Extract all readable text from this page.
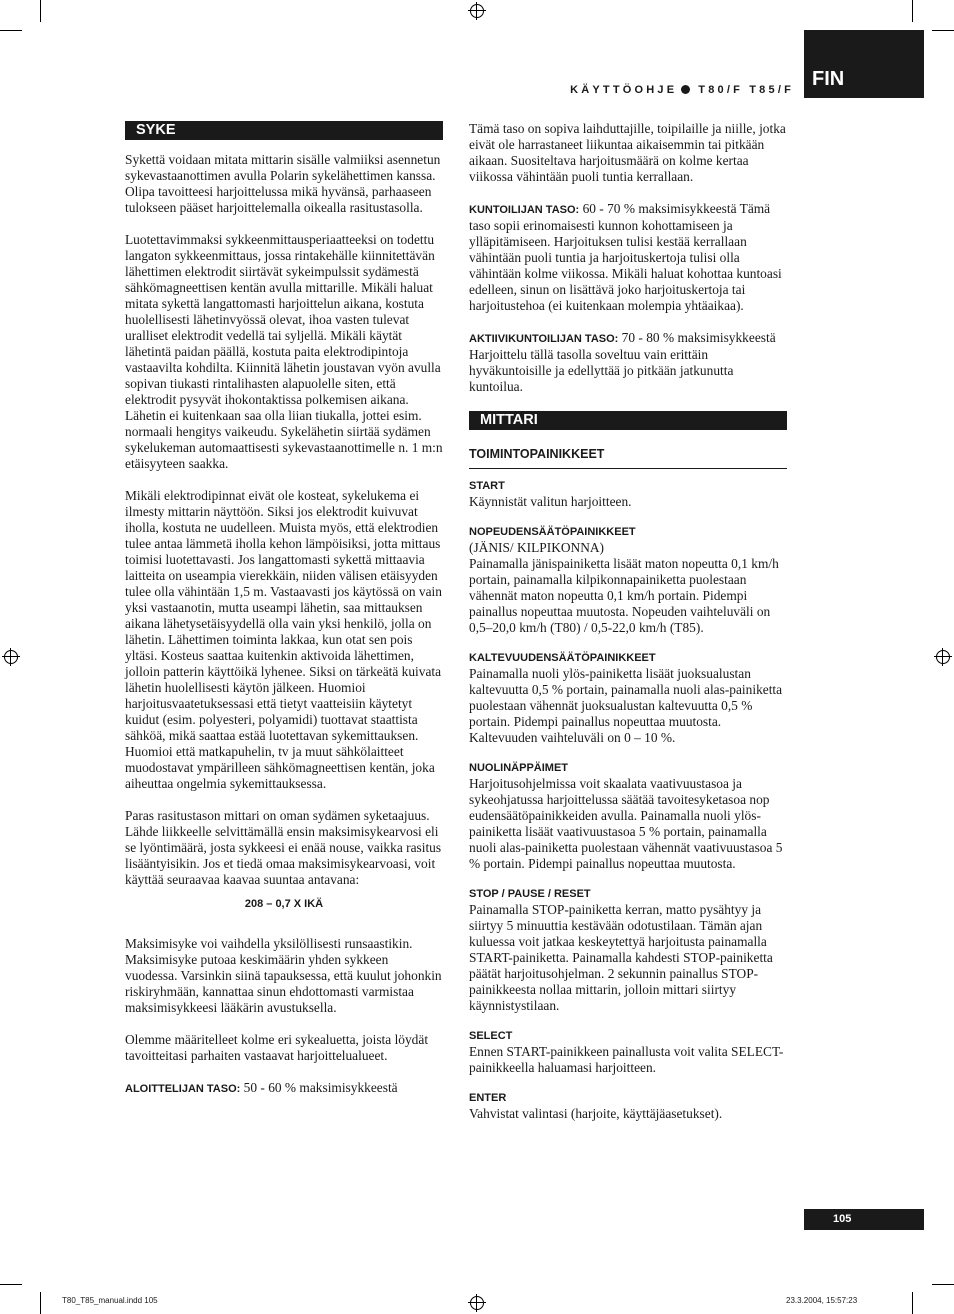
FIN
KÄYTTÖOHJE T80/F T85/F
SYKE

Sykettä voidaan mitata mittarin sisälle valmiiksi asennetun sykevastaanottimen avulla Polarin sykelähettimen kanssa. Olipa tavoitteesi harjoittelussa mikä hyvänsä, parhaaseen tulokseen pääset harjoittelemalla oikealla rasitustasolla.

Luotettavimmaksi sykkeenmittausperiaatteeksi on todettu langaton sykkeenmittaus, jossa rintakehälle kiinnitettävän lähettimen elektrodit siirtävät sykeimpulssit sydämestä sähkömagneettisen kentän avulla mittarille. Mikäli haluat mitata sykettä langattomasti harjoittelun aikana, kostuta huolellisesti lähetinvyössä olevat, ihoa vasten tulevat uralliset elektrodit vedellä tai syljellä. Mikäli käytät lähetintä paidan päällä, kostuta paita elektrodipintoja vastaavilta kohdilta. Kiinnitä lähetin joustavan vyön avulla sopivan tiukasti rintalihasten alapuolelle siten, että elektrodit pysyvät ihokontaktissa polkemisen aikana. Lähetin ei kuitenkaan saa olla liian tiukalla, jottei esim. normaali hengitys vaikeudu. Sykelähetin siirtää sydämen sykelukeman automaattisesti sykevastaanottimelle n. 1 m:n etäisyyteen saakka.

Mikäli elektrodipinnat eivät ole kosteat, sykelukema ei ilmesty mittarin näyttöön. Siksi jos elektrodit kuivuvat iholla, kostuta ne uudelleen. Muista myös, että elektrodien tulee antaa lämmetä iholla kehon lämpöisiksi, jotta mittaus toimisi luotettavasti. Jos langattomasti sykettä mittaavia laitteita on useampia vierekkäin, niiden välisen etäisyyden tulee olla vähintään 1,5 m. Vastaavasti jos käytössä on vain yksi vastaanotin, mutta useampi lähetin, saa mittauksen aikana lähetysetäisyydellä olla vain yksi henkilö, jolla on lähetin. Lähettimen toiminta lakkaa, kun otat sen pois yltäsi. Kosteus saattaa kuitenkin aktivoida lähettimen, jolloin patterin käyttöikä lyhenee. Siksi on tärkeätä kuivata lähetin huolellisesti käytön jälkeen. Huomioi harjoitusvaatetuksessasi että tietyt vaatteisiin käytetyt kuidut (esim. polyesteri, polyamidi) tuottavat staattista sähköä, mikä saattaa estää luotettavan sykemittauksen. Huomioi että matkapuhelin, tv ja muut sähkölaitteet muodostavat ympärilleen sähkömagneettisen kentän, joka aiheuttaa ongelmia sykemittauksessa.

Paras rasitustason mittari on oman sydämen syketaajuus. Lähde liikkeelle selvittämällä ensin maksimisykearvosi eli se lyöntimäärä, josta sykkeesi ei enää nouse, vaikka rasitus lisääntyisikin. Jos et tiedä omaa maksimisykearvoasi, voit käyttää seuraavaa kaavaa suuntaa antavana:

208 – 0,7 X IKÄ

Maksimisyke voi vaihdella yksilöllisesti runsaastikin. Maksimisyke putoaa keskimäärin yhden sykkeen vuodessa. Varsinkin siinä tapauksessa, että kuulut johonkin riskiryhmään, kannattaa sinun ehdottomasti varmistaa maksimisykkeesi lääkärin avustuksella.

Olemme määritelleet kolme eri sykealuetta, joista löydät tavoitteitasi parhaiten vastaavat harjoittelualueet.

ALOITTELIJAN TASO: 50 - 60 % maksimisykkeestä

Tämä taso on sopiva laihduttajille, toipilaille ja niille, jotka eivät ole harrastaneet liikuntaa aikaisemmin tai pitkään aikaan. Suositeltava harjoitusmäärä on kolme kertaa viikossa vähintään puoli tuntia kerrallaan.

KUNTOILIJAN TASO: 60 - 70 % maksimisykkeestä Tämä taso sopii erinomaisesti kunnon kohottamiseen ja ylläpitämiseen. Harjoituksen tulisi kestää kerrallaan vähintään puoli tuntia ja harjoituskertoja tulisi olla vähintään kolme viikossa. Mikäli haluat kohottaa kuntoasi edelleen, sinun on lisättävä joko harjoituskertoja tai harjoitustehoa (ei kuitenkaan molempia yhtäaikaa).

AKTIIVIKUNTOILIJAN TASO: 70 - 80 % maksimisykkeestä Harjoittelu tällä tasolla soveltuu vain erittäin hyväkuntoisille ja edellyttää jo pitkään jatkunutta kuntoilua.

MITTARI
TOIMINTOPAINIKKEET
START
Käynnistät valitun harjoitteen.
NOPEUDENSÄÄTÖPAINIKKEET
(JÄNIS/ KILPIKONNA)
Painamalla jänispainiketta lisäät maton nopeutta 0,1 km/h portain, painamalla kilpikonnapainiketta puolestaan vähennät maton nopeutta 0,1 km/h portain. Pidempi painallus nopeuttaa muutosta. Nopeuden vaihteluväli on 0,5–20,0 km/h (T80) / 0,5-22,0 km/h (T85).
KALTEVUUDENSÄÄTÖPAINIKKEET
Painamalla nuoli ylös-painiketta lisäät juoksualustan kaltevuutta 0,5 % portain, painamalla nuoli alas-painiketta puolestaan vähennät juoksualustan kaltevuutta 0,5 % portain. Pidempi painallus nopeuttaa muutosta. Kaltevuuden vaihteluväli on 0 – 10 %.
NUOLINÄPPÄIMET
Harjoitusohjelmissa voit skaalata vaativuustasoa ja sykeohjatussa harjoittelussa säätää tavoitesyketasoa nop eudensäätöpainikkeiden avulla. Painamalla nuoli ylös-painiketta lisäät vaativuustasoa 5 % portain, painamalla nuoli alas-painiketta puolestaan vähennät vaativuustasoa 5 % portain. Pidempi painallus nopeuttaa muutosta.
STOP / PAUSE / RESET
Painamalla STOP-painiketta kerran, matto pysähtyy ja siirtyy 5 minuuttia kestävään odotustilaan. Tämän ajan kuluessa voit jatkaa keskeytettyä harjoitusta painamalla START-painiketta. Painamalla kahdesti STOP-painiketta päätät harjoitusohjelman. 2 sekunnin painallus STOP-painikkeesta nollaa mittarin, jolloin mittari siirtyy käynnistystilaan.
SELECT
Ennen START-painikkeen painallusta voit valita SELECT-painikkeella haluamasi harjoitteen.
ENTER
Vahvistat valintasi (harjoite, käyttäjäasetukset).
105
T80_T85_manual.indd 105	23.3.2004, 15:57:23
